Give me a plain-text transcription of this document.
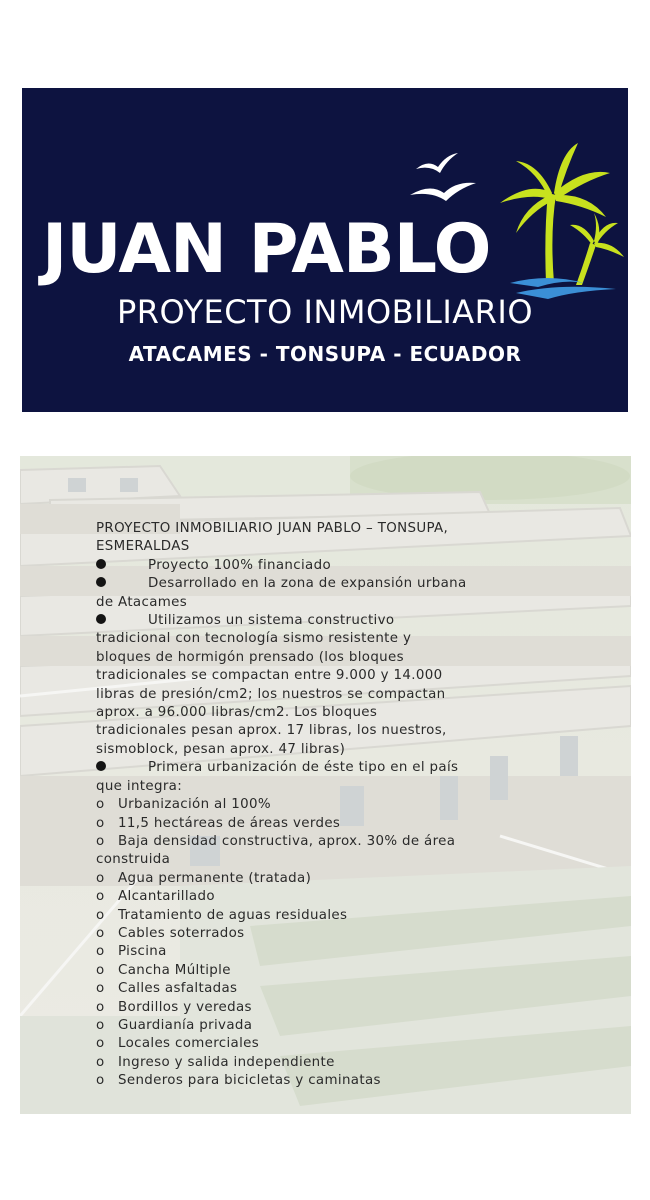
JUAN PABLO
PROYECTO INMOBILIARIO
ATACAMES - TONSUPA - ECUADOR
PROYECTO INMOBILIARIO JUAN PABLO – TONSUPA,
ESMERALDAS
Proyecto 100% financiado
Desarrollado en la zona de expansión urbana
de Atacames
Utilizamos un sistema constructivo
tradicional con tecnología sismo resistente y
bloques de hormigón prensado (los bloques
tradicionales se compactan entre 9.000 y 14.000
libras de presión/cm2; los nuestros se compactan
aprox. a 96.000 libras/cm2. Los bloques
tradicionales pesan aprox. 17 libras, los nuestros,
sismoblock, pesan aprox. 47 libras)
Primera urbanización de éste tipo en el país
que integra:
o Urbanización al 100%
o 11,5 hectáreas de áreas verdes
o Baja densidad constructiva, aprox. 30% de área
construida
o Agua permanente (tratada)
o Alcantarillado
o Tratamiento de aguas residuales
o Cables soterrados
o Piscina
o Cancha Múltiple
o Calles asfaltadas
o Bordillos y veredas
o Guardianía privada
o Locales comerciales
o Ingreso y salida independiente
o Senderos para bicicletas y caminatas
